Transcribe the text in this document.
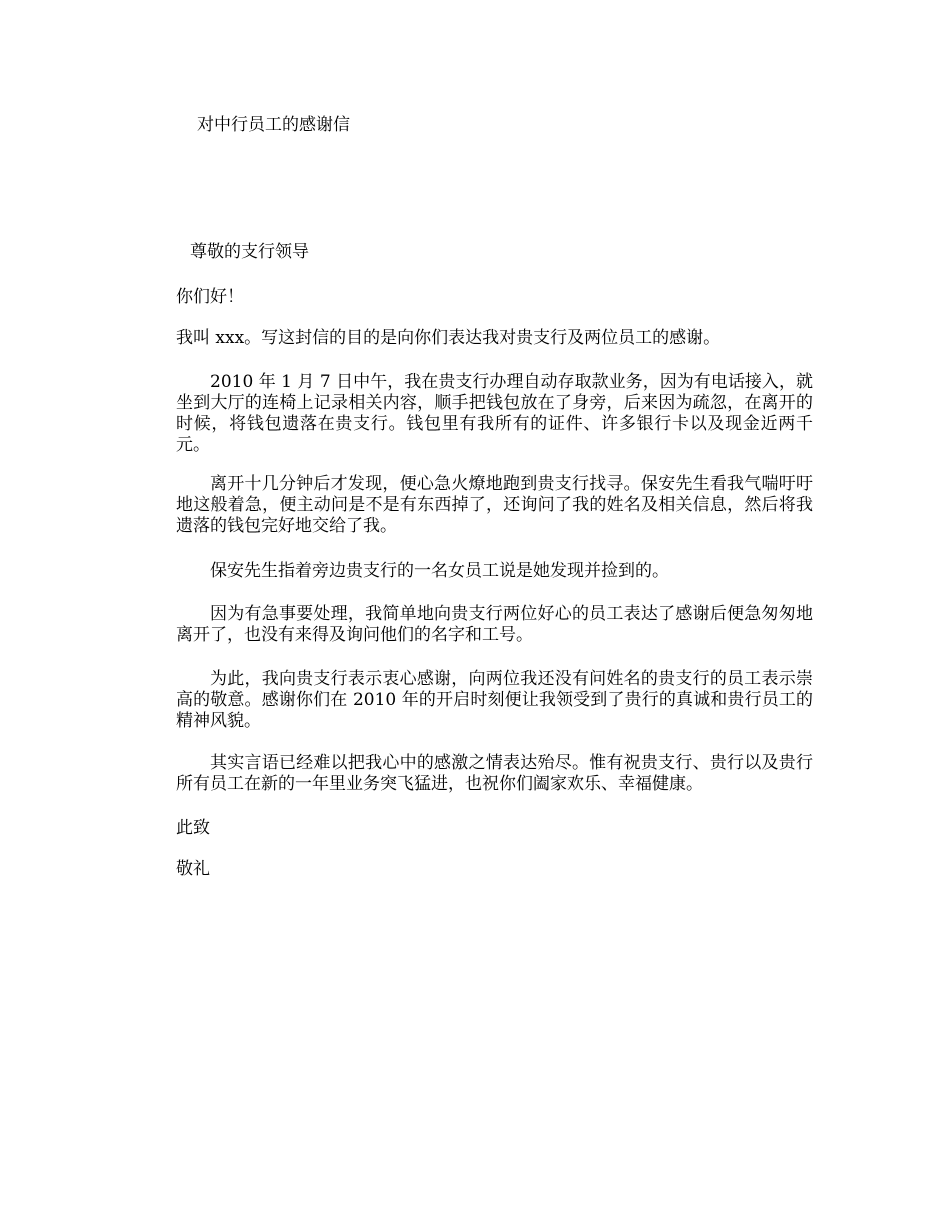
对中行员工的感谢信
尊敬的支行领导

你们好！

我叫 xxx。写这封信的目的是向你们表达我对贵支行及两位员工的感谢。

2010 年 1 月 7 日中午，我在贵支行办理自动存取款业务，因为有电话接入，就坐到大厅的连椅上记录相关内容，顺手把钱包放在了身旁，后来因为疏忽，在离开的时候，将钱包遗落在贵支行。钱包里有我所有的证件、许多银行卡以及现金近两千元。

离开十几分钟后才发现，便心急火燎地跑到贵支行找寻。保安先生看我气喘吁吁地这般着急，便主动问是不是有东西掉了，还询问了我的姓名及相关信息，然后将我遗落的钱包完好地交给了我。

保安先生指着旁边贵支行的一名女员工说是她发现并捡到的。

因为有急事要处理，我简单地向贵支行两位好心的员工表达了感谢后便急匆匆地离开了，也没有来得及询问他们的名字和工号。

为此，我向贵支行表示衷心感谢，向两位我还没有问姓名的贵支行的员工表示崇高的敬意。感谢你们在 2010 年的开启时刻便让我领受到了贵行的真诚和贵行员工的精神风貌。

其实言语已经难以把我心中的感激之情表达殆尽。惟有祝贵支行、贵行以及贵行所有员工在新的一年里业务突飞猛进，也祝你们阖家欢乐、幸福健康。

此致

敬礼
